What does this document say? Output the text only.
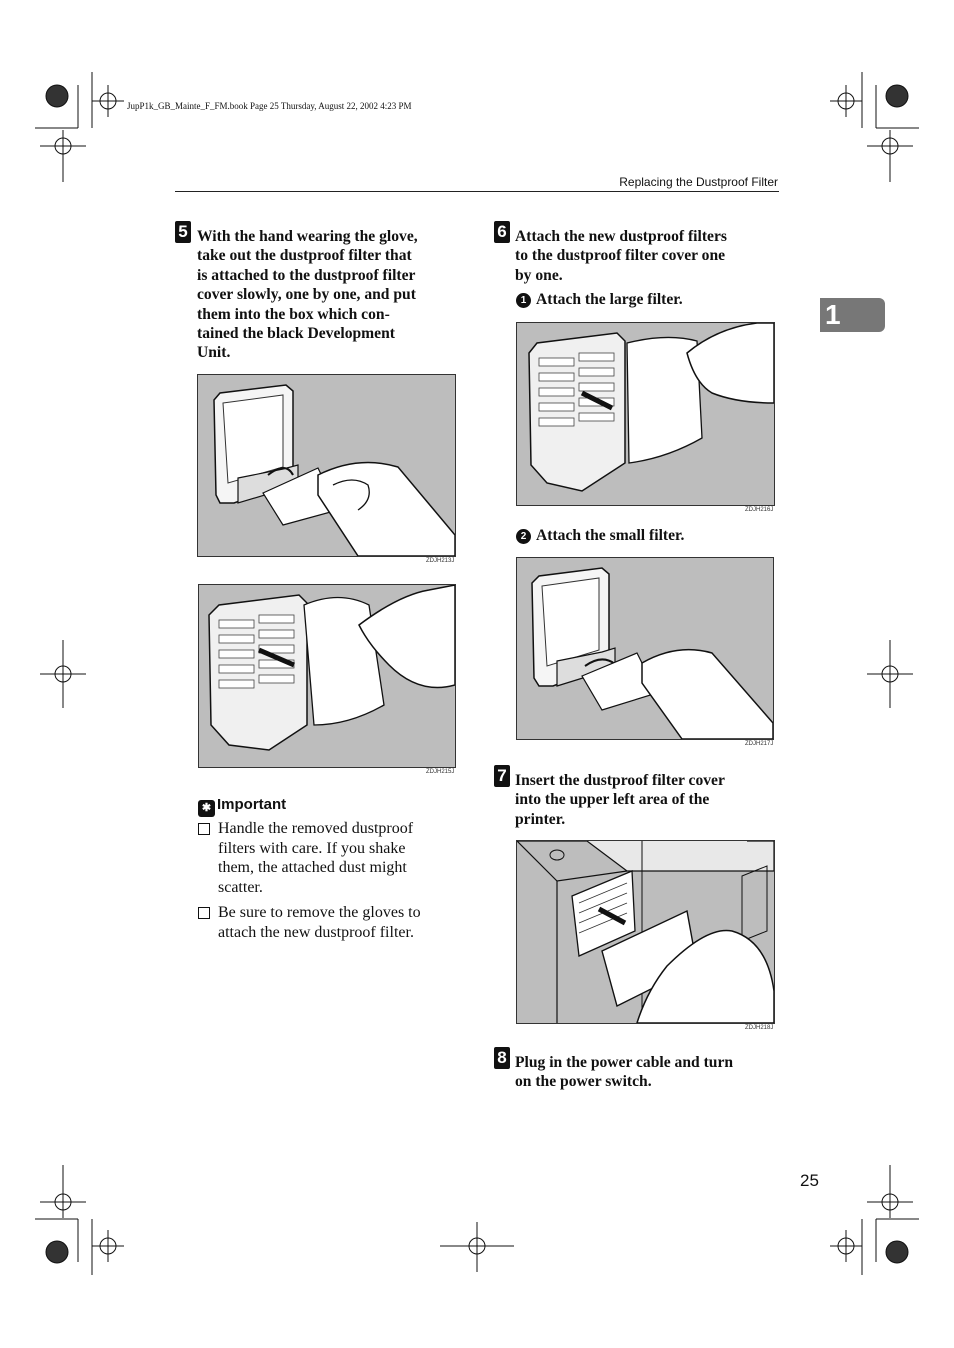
JupP1k_GB_Mainte_F_FM.book Page 25 Thursday, August 22, 2002 4:23 PM
Replacing the Dustproof Filter
1
5 With the hand wearing the glove,
take out the dustproof filter that
is attached to the dustproof filter
cover slowly, one by one, and put
them into the box which con-
tained the black Development
Unit.
ZDJH213J
ZDJH215J
✱ Important
Handle the removed dustproof
filters with care. If you shake
them, the attached dust might
scatter.
Be sure to remove the gloves to
attach the new dustproof filter.
6 Attach the new dustproof filters
to the dustproof filter cover one
by one.
1 Attach the large filter.
ZDJH216J
2 Attach the small filter.
ZDJH217J
7 Insert the dustproof filter cover
into the upper left area of the
printer.
ZDJH218J
8 Plug in the power cable and turn
on the power switch.
25
